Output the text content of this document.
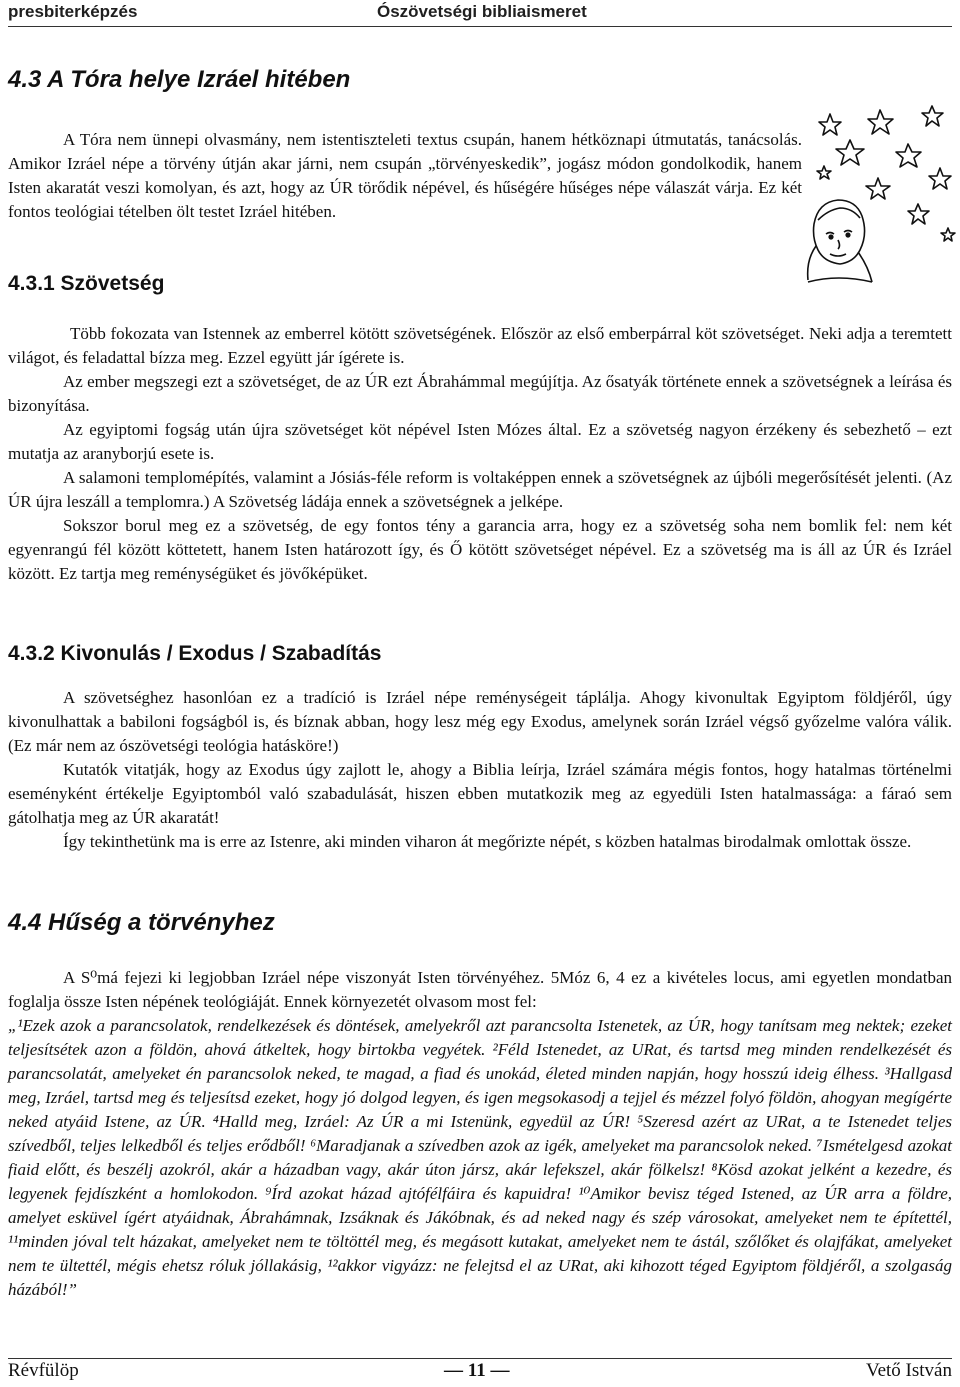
presbiterképzés	Ószövetségi bibliaismeret
4.3 A Tóra helye Izráel hitében

A Tóra nem ünnepi olvasmány, nem istentiszteleti textus csupán, hanem hétköznapi útmutatás, tanácsolás. Amikor Izráel népe a törvény útján akar járni, nem csupán „törvényeskedik”, jogász módon gondolkodik, hanem Isten akaratát veszi komolyan, és azt, hogy az ÚR törődik népével, és hűségére hűséges népe válaszát várja. Ez két fontos teológiai tételben ölt testet Izráel hitében.

4.3.1 Szövetség

Több fokozata van Istennek az emberrel kötött szövetségének. Először az első emberpárral köt szövetséget. Neki adja a teremtett világot, és feladattal bízza meg. Ezzel együtt jár ígérete is.

Az ember megszegi ezt a szövetséget, de az ÚR ezt Ábrahámmal megújítja. Az ősatyák története ennek a szövetségnek a leírása és bizonyítása.

Az egyiptomi fogság után újra szövetséget köt népével Isten Mózes által. Ez a szövetség nagyon érzékeny és sebezhető – ezt mutatja az aranyborjú esete is.

A salamoni templomépítés, valamint a Jósiás-féle reform is voltaképpen ennek a szövetségnek az újbóli megerősítését jelenti. (Az ÚR újra leszáll a templomra.) A Szövetség ládája ennek a szövetségnek a jelképe.

Sokszor borul meg ez a szövetség, de egy fontos tény a garancia arra, hogy ez a szövetség soha nem bomlik fel: nem két egyenrangú fél között köttetett, hanem Isten határozott így, és Ő kötött szövetséget népével. Ez a szövetség ma is áll az ÚR és Izráel között. Ez tartja meg reménységüket és jövőképüket.

4.3.2 Kivonulás / Exodus / Szabadítás

A szövetséghez hasonlóan ez a tradíció is Izráel népe reménységeit táplálja. Ahogy kivonultak Egyiptom földjéről, úgy kivonulhattak a babiloni fogságból is, és bíznak abban, hogy lesz még egy Exodus, amelynek során Izráel végső győzelme valóra válik. (Ez már nem az ószövetségi teológia hatásköre!)

Kutatók vitatják, hogy az Exodus úgy zajlott le, ahogy a Biblia leírja, Izráel számára mégis fontos, hogy hatalmas történelmi eseményként értékelje Egyiptomból való szabadulását, hiszen ebben mutatkozik meg az egyedüli Isten hatalmassága: a fáraó sem gátolhatja meg az ÚR akaratát!

Így tekinthetünk ma is erre az Istenre, aki minden viharon át megőrizte népét, s közben hatalmas birodalmak omlottak össze.

4.4 Hűség a törvényhez

A S⁰má fejezi ki legjobban Izráel népe viszonyát Isten törvényéhez. 5Móz 6, 4 ez a kivételes locus, ami egyetlen mondatban foglalja össze Isten népének teológiáját. Ennek környezetét olvasom most fel:

„¹Ezek azok a parancsolatok, rendelkezések és döntések, amelyekről azt parancsolta Istenetek, az ÚR, hogy tanítsam meg nektek; ezeket teljesítsétek azon a földön, ahová átkeltek, hogy birtokba vegyétek. ²Féld Istenedet, az URat, és tartsd meg minden rendelkezését és parancsolatát, amelyeket én parancsolok neked, te magad, a fiad és unokád, életed minden napján, hogy hosszú ideig élhess. ³Hallgasd meg, Izráel, tartsd meg és teljesítsd ezeket, hogy jó dolgod legyen, és igen megsokasodj a tejjel és mézzel folyó földön, ahogyan megígérte neked atyáid Istene, az ÚR. ⁴Halld meg, Izráel: Az ÚR a mi Istenünk, egyedül az ÚR! ⁵Szeresd azért az URat, a te Istenedet teljes szívedből, teljes lelkedből és teljes erődből! ⁶Maradjanak a szívedben azok az igék, amelyeket ma parancsolok neked. ⁷Ismételgesd azokat fiaid előtt, és beszélj azokról, akár a házadban vagy, akár úton jársz, akár lefekszel, akár fölkelsz! ⁸Kösd azokat jelként a kezedre, és legyenek fejdíszként a homlokodon. ⁹Írd azokat házad ajtófélfáira és kapuidra! ¹⁰Amikor bevisz téged Istened, az ÚR arra a földre, amelyet esküvel ígért atyáidnak, Ábrahámnak, Izsáknak és Jákóbnak, és ad neked nagy és szép városokat, amelyeket nem te építettél, ¹¹minden jóval telt házakat, amelyeket nem te töltöttél meg, és megásott kutakat, amelyeket nem te ástál, szőlőket és olajfákat, amelyeket nem te ültettél, mégis ehetsz róluk jóllakásig, ¹²akkor vigyázz: ne felejtsd el az URat, aki kihozott téged Egyiptom földjéről, a szolgaság házából!”

Révfülöp	— 11 —	Vető István
